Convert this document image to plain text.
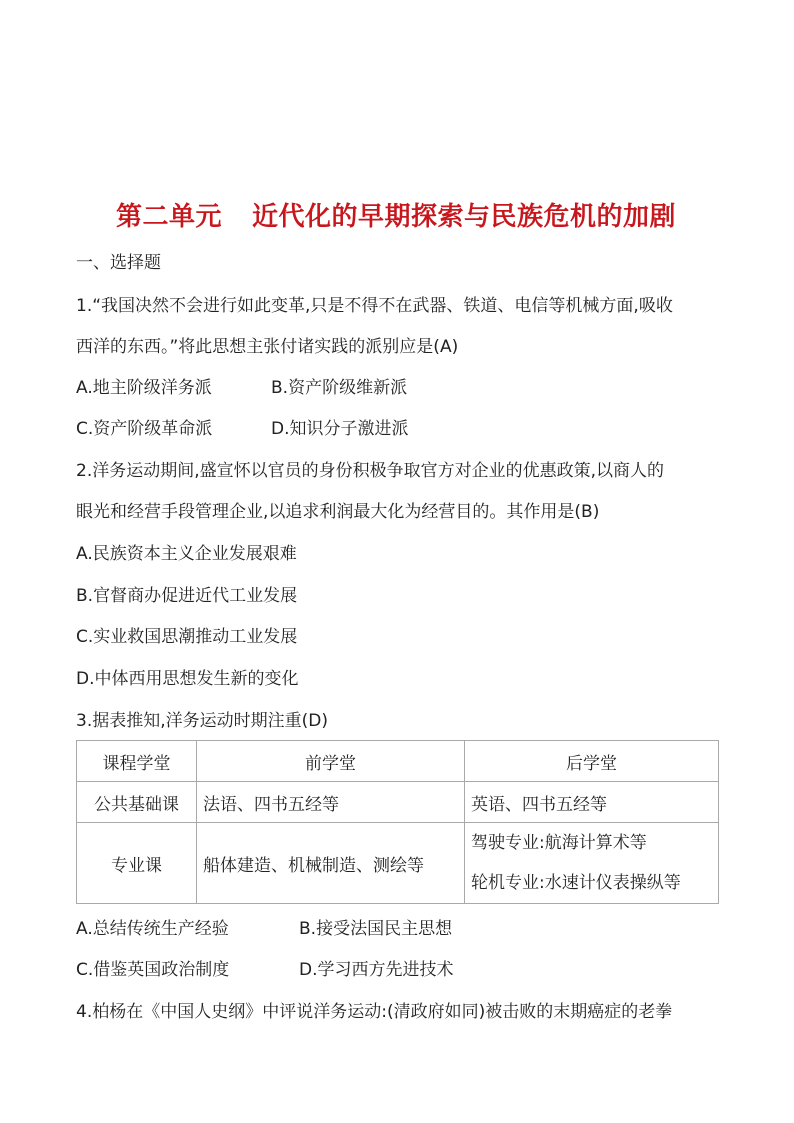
第二单元 近代化的早期探索与民族危机的加剧
一、选择题
1.“我国决然不会进行如此变革,只是不得不在武器、铁道、电信等机械方面,吸收
西洋的东西。”将此思想主张付诸实践的派别应是(A)
A.地主阶级洋务派	B.资产阶级维新派
C.资产阶级革命派	D.知识分子激进派
2.洋务运动期间,盛宣怀以官员的身份积极争取官方对企业的优惠政策,以商人的
眼光和经营手段管理企业,以追求利润最大化为经营目的。其作用是(B)
A.民族资本主义企业发展艰难
B.官督商办促进近代工业发展
C.实业救国思潮推动工业发展
D.中体西用思想发生新的变化
3.据表推知,洋务运动时期注重(D)
课程学堂	前学堂	后学堂
公共基础课	法语、四书五经等	英语、四书五经等
专业课	船体建造、机械制造、测绘等	驾驶专业:航海计算术等
轮机专业:水速计仪表操纵等
A.总结传统生产经验	B.接受法国民主思想
C.借鉴英国政治制度	D.学习西方先进技术
4.柏杨在《中国人史纲》中评说洋务运动:(清政府如同)被击败的末期癌症的老拳
